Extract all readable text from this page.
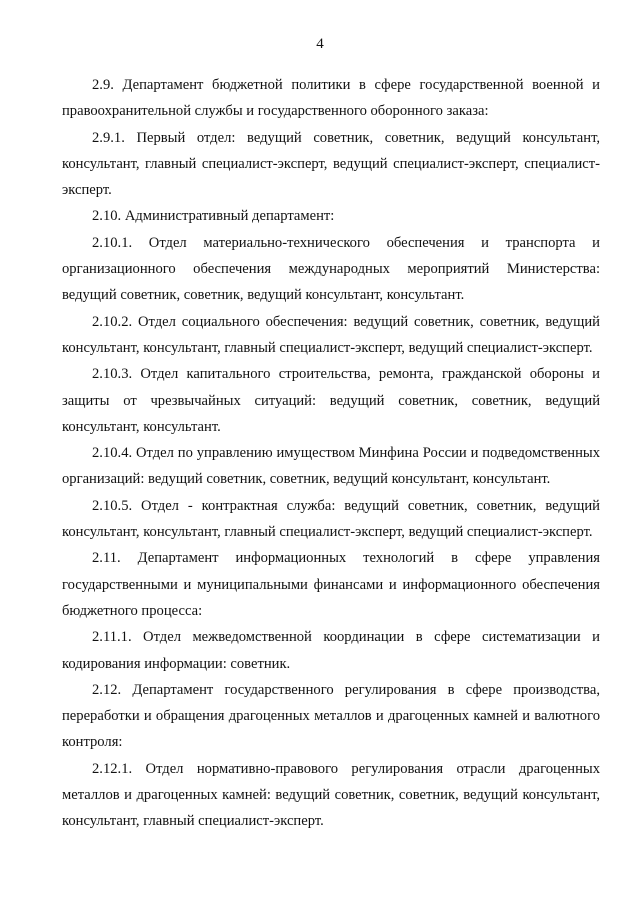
4

2.9. Департамент бюджетной политики в сфере государственной военной и правоохранительной службы и государственного оборонного заказа:

2.9.1. Первый отдел: ведущий советник, советник, ведущий консультант, консультант, главный специалист-эксперт, ведущий специалист-эксперт, специалист-эксперт.

2.10. Административный департамент:

2.10.1. Отдел материально-технического обеспечения и транспорта и организационного обеспечения международных мероприятий Министерства: ведущий советник, советник, ведущий консультант, консультант.

2.10.2. Отдел социального обеспечения: ведущий советник, советник, ведущий консультант, консультант, главный специалист-эксперт, ведущий специалист-эксперт.

2.10.3. Отдел капитального строительства, ремонта, гражданской обороны и защиты от чрезвычайных ситуаций: ведущий советник, советник, ведущий консультант, консультант.

2.10.4. Отдел по управлению имуществом Минфина России и подведомственных организаций: ведущий советник, советник, ведущий консультант, консультант.

2.10.5. Отдел - контрактная служба: ведущий советник, советник, ведущий консультант, консультант, главный специалист-эксперт, ведущий специалист-эксперт.

2.11. Департамент информационных технологий в сфере управления государственными и муниципальными финансами и информационного обеспечения бюджетного процесса:

2.11.1. Отдел межведомственной координации в сфере систематизации и кодирования информации: советник.

2.12. Департамент государственного регулирования в сфере производства, переработки и обращения драгоценных металлов и драгоценных камней и валютного контроля:

2.12.1. Отдел нормативно-правового регулирования отрасли драгоценных металлов и драгоценных камней: ведущий советник, советник, ведущий консультант, консультант, главный специалист-эксперт.
